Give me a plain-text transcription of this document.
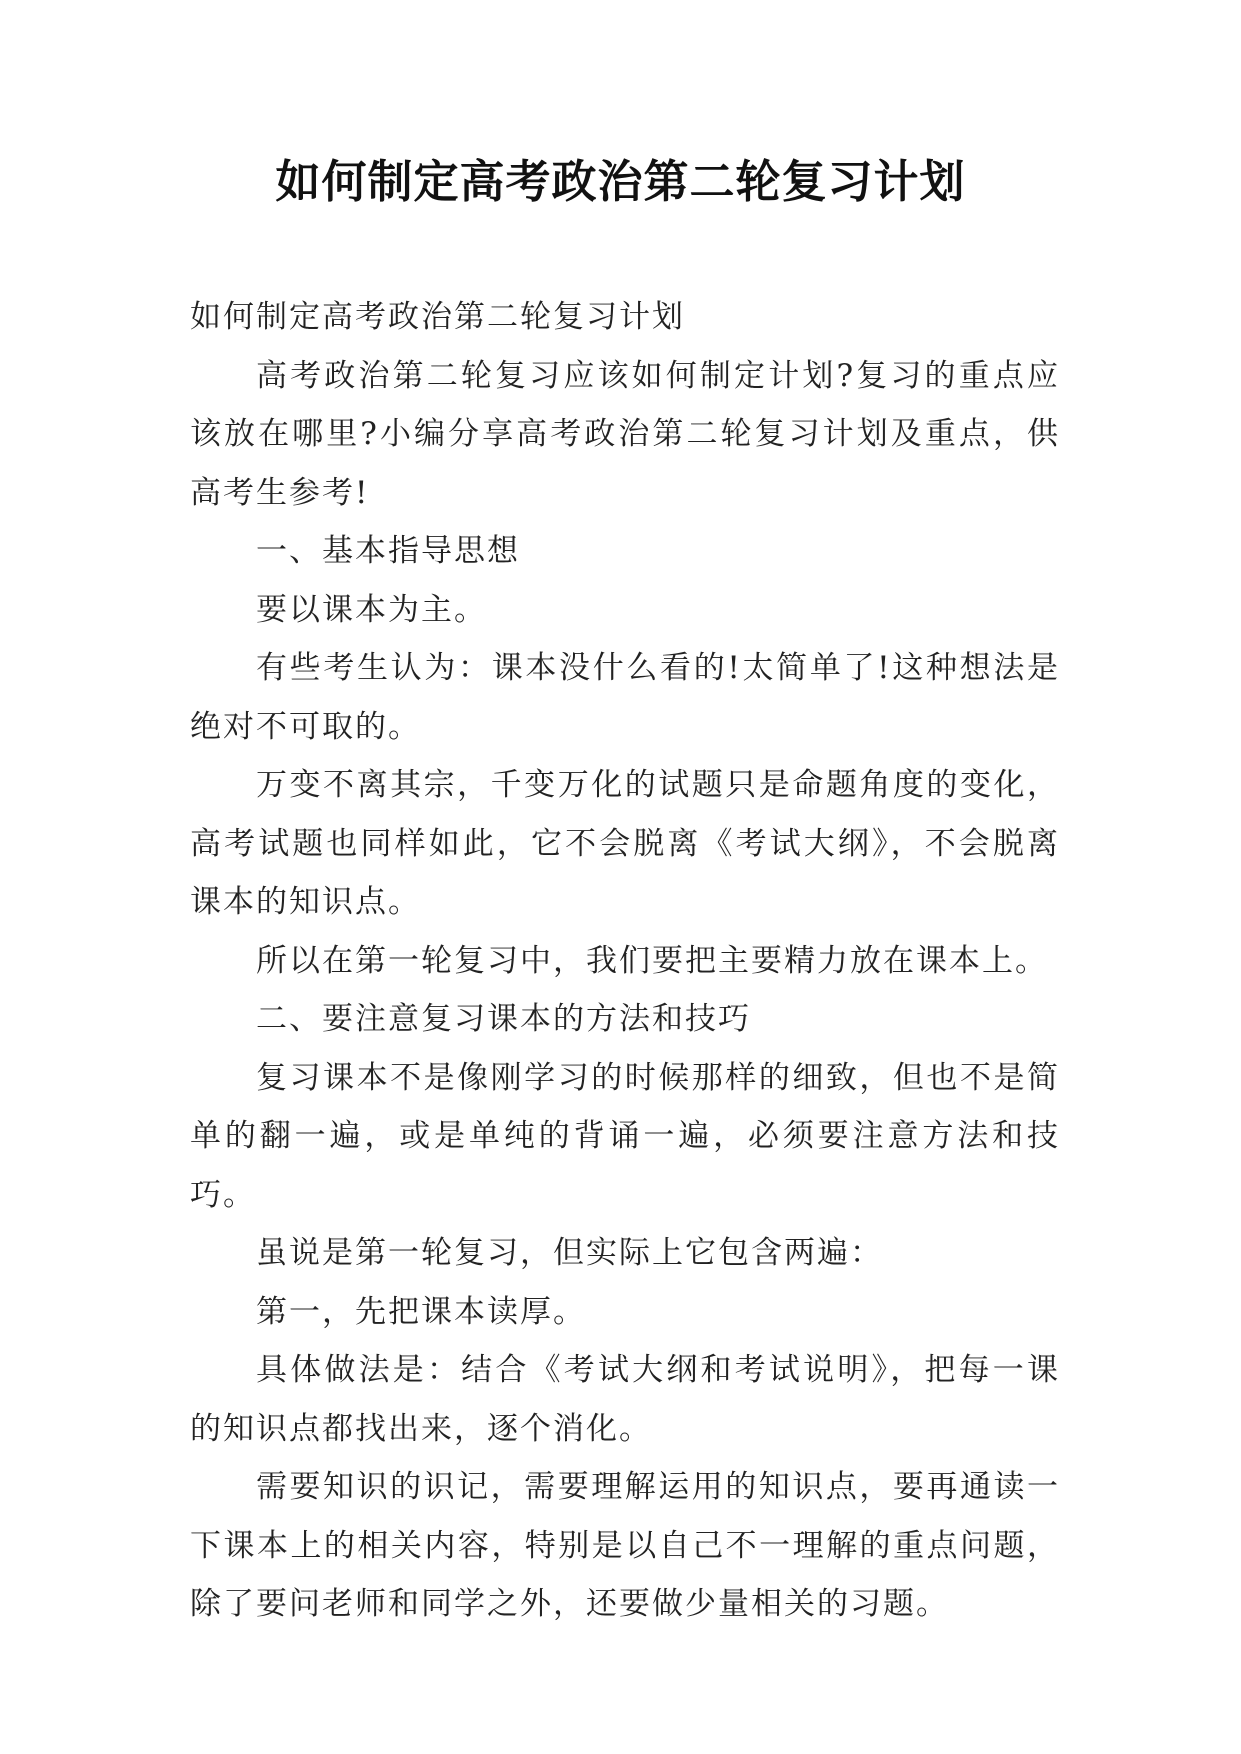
如何制定高考政治第二轮复习计划

如何制定高考政治第二轮复习计划

高考政治第二轮复习应该如何制定计划?复习的重点应该放在哪里?小编分享高考政治第二轮复习计划及重点，供高考生参考!

一、基本指导思想

要以课本为主。

有些考生认为：课本没什么看的!太简单了!这种想法是绝对不可取的。

万变不离其宗，千变万化的试题只是命题角度的变化，高考试题也同样如此，它不会脱离《考试大纲》，不会脱离课本的知识点。

所以在第一轮复习中，我们要把主要精力放在课本上。

二、要注意复习课本的方法和技巧

复习课本不是像刚学习的时候那样的细致，但也不是简单的翻一遍，或是单纯的背诵一遍，必须要注意方法和技巧。

虽说是第一轮复习，但实际上它包含两遍：

第一，先把课本读厚。

具体做法是：结合《考试大纲和考试说明》，把每一课的知识点都找出来，逐个消化。

需要知识的识记，需要理解运用的知识点，要再通读一下课本上的相关内容，特别是以自己不一理解的重点问题，除了要问老师和同学之外，还要做少量相关的习题。
